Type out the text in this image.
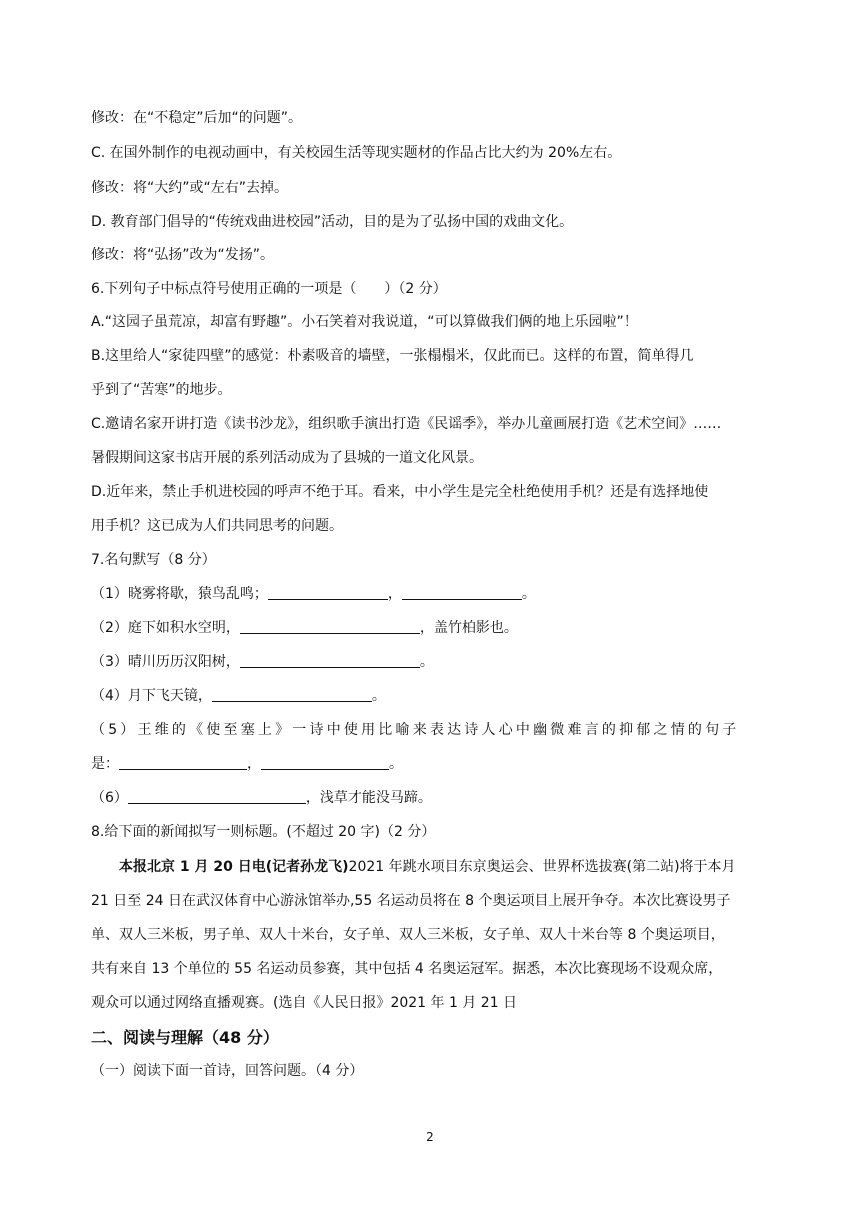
修改：在“不稳定”后加“的问题”。
C. 在国外制作的电视动画中，有关校园生活等现实题材的作品占比大约为 20%左右。
修改：将“大约”或“左右”去掉。
D. 教育部门倡导的“传统戏曲进校园”活动，目的是为了弘扬中国的戏曲文化。
修改：将“弘扬”改为“发扬”。
6.下列句子中标点符号使用正确的一项是（　　）（2 分）
A.“这园子虽荒凉，却富有野趣”。小石笑着对我说道，“可以算做我们俩的地上乐园啦”！
B.这里给人“家徒四壁”的感觉：朴素吸音的墙壁，一张榻榻米，仅此而已。这样的布置，简单得几
乎到了“苦寒”的地步。
C.邀请名家开讲打造《读书沙龙》，组织歌手演出打造《民谣季》，举办儿童画展打造《艺术空间》……
暑假期间这家书店开展的系列活动成为了县城的一道文化风景。
D.近年来，禁止手机进校园的呼声不绝于耳。看来，中小学生是完全杜绝使用手机？还是有选择地使
用手机？这已成为人们共同思考的问题。
7.名句默写（8 分）
（1）晓雾将歇，猿鸟乱鸣；	，	。
（2）庭下如积水空明，	，盖竹柏影也。
（3）晴川历历汉阳树，	。
（4）月下飞天镜，	。
（5）王维的《使至塞上》一诗中使用比喻来表达诗人心中幽微难言的抑郁之情的句子
是：	，	。
（6）	，浅草才能没马蹄。
8.给下面的新闻拟写一则标题。(不超过 20 字)（2 分）
本报北京 1 月 20 日电(记者孙龙飞)2021 年跳水项目东京奥运会、世界杯选拔赛(第二站)将于本月
21 日至 24 日在武汉体育中心游泳馆举办,55 名运动员将在 8 个奥运项目上展开争夺。本次比赛设男子
单、双人三米板，男子单、双人十米台，女子单、双人三米板，女子单、双人十米台等 8 个奥运项目，
共有来自 13 个单位的 55 名运动员参赛，其中包括 4 名奥运冠军。据悉，本次比赛现场不设观众席，
观众可以通过网络直播观赛。(选自《人民日报》2021 年 1 月 21 日
二、阅读与理解（48 分）
（一）阅读下面一首诗，回答问题。（4 分）
2
